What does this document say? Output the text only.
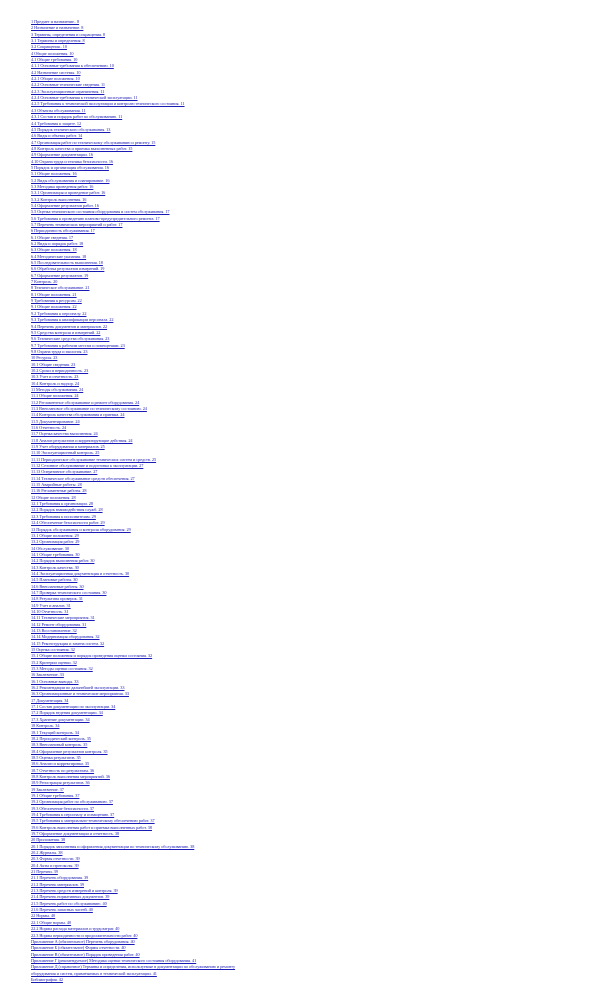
1 Предмет и назначение.. 8
2 Назначение и назначение. 8
3 Термины, определения и сокращения. 8
3.1 Термины и определения. 8
3.2 Сокращения.. 10
4 Общие положения. 10
4.1 Общие требования. 10
4.1.1 Основные требования к обеспечению. 10
4.2 Назначение системы. 10
4.2.1 Общие положения. 10
4.2.2 Основные технические сведения. 11
4.2.3 Эксплуатационные ограничения. 11
4.2.4 Основные требования к технической эксплуатации. 11
4.2.5 Требования к технической эксплуатации и контролю технического состояния. 11
4.3 Объекты обслуживания. 11
4.3.1 Состав и порядок работ по обслуживанию. 11
4.4 Требования к защите. 12
4.5 Порядок технического обслуживания. 13
4.6 Виды и объемы работ. 14
4.7 Организация работ по техническому обслуживанию и ремонту. 15
4.8 Контроль качества и приемка выполненных работ. 15
4.9 Оформление документации. 16
4.10 Охрана труда и техника безопасности. 16
5 Порядок и организация обслуживания. 16
5.1 Общие положения. 16
5.2 Виды обслуживания и планирование. 16
5.3 Методика проведения работ. 16
5.3.1 Организация и проведение работ. 16
5.3.2 Контроль выполнения. 16
5.4 Оформление результатов работ. 16
5.5 Оценка технического состояния оборудования и систем обслуживания. 17
5.6 Требования к проведению планово-предупредительного ремонта. 17
5.7 Перечень технических мероприятий и работ. 17
6 Периодичность обслуживания. 17
6.1 Общие сведения. 17
6.2 Виды и порядок работ. 18
6.3 Общие положения. 18
6.4 Методические указания. 18
6.5 Последовательность выполнения. 18
6.6 Обработка результатов измерений. 19
6.7 Оформление результатов. 19
7 Контроль. 20
8 Техническое обслуживание. 21
8.1 Общие положения. 21
9 Требования к ресурсам. 22
9.1 Общие положения. 22
9.2 Требования к персоналу. 22
9.3 Требования к квалификации персонала. 22
9.4 Перечень документов и материалов. 22
9.5 Средства контроля и измерений. 22
9.6 Технические средства обслуживания. 23
9.7 Требования к рабочим местам и помещениям. 23
9.8 Охрана труда и экология. 23
10 Ресурсы. 23
10.1 Общие сведения. 23
10.2 Сроки и периодичность. 23
10.3 Учет и отчетность. 23
10.4 Контроль и надзор. 24
11 Методы обслуживания. 24
11.1 Общие положения. 24
11.2 Регламентное обслуживание и ремонт оборудования. 24
11.3 Внеплановое обслуживание по техническому состоянию. 24
11.4 Контроль качества обслуживания и приемка. 24
11.5 Документирование. 24
11.6 Отчетность. 24
11.7 Оценка качества выполнения. 24
11.8 Анализ результатов и корректирующие действия. 24
11.9 Учет оборудования и материалов. 25
11.10 Эксплуатационный контроль. 25
11.11 Периодическое обслуживание технических систем и средств. 25
11.12 Сезонное обслуживание и подготовка к эксплуатации. 27
11.13 Оперативное обслуживание. 27
11.14 Техническое обслуживание средств обеспечения. 27
11.15 Аварийные работы. 28
11.16 Регламентные работы. 28
12 Общие положения. 28
12.1 Требования к организации. 28
12.2 Порядок взаимодействия служб. 28
12.3 Требования к исполнителям. 29
12.4 Обеспечение безопасности работ. 29
13 Порядок обслуживания и контроля оборудования. 29
13.1 Общие положения. 29
13.2 Организация работ. 29
14 Обслуживание. 30
14.1 Общие требования. 30
14.2 Порядок выполнения работ. 30
14.3 Контроль качества. 30
14.4 Эксплуатационная документация и отчетность. 30
14.5 Плановые работы. 30
14.6 Внеплановые работы. 30
14.7 Проверка технического состояния. 30
14.8 Результаты проверок. 31
14.9 Учет и анализ. 31
14.10 Отчетность. 31
14.11 Технические мероприятия. 31
14.12 Ремонт оборудования. 31
14.13 Восстановление. 32
14.14 Модернизация оборудования. 32
14.15 Реконструкция и замена систем. 32
15 Оценка состояния. 32
15.1 Общие положения и порядок проведения оценки состояния. 32
15.2 Критерии оценки. 32
15.3 Методы оценки состояния. 32
16 Заключение. 33
16.1 Основные выводы. 33
16.2 Рекомендации по дальнейшей эксплуатации. 33
16.3 Организационные и технические мероприятия. 33
17 Документация. 34
17.1 Состав документации по эксплуатации. 34
17.2 Порядок ведения документации. 34
17.3 Хранение документации. 34
18 Контроль. 34
18.1 Текущий контроль. 34
18.2 Периодический контроль. 35
18.3 Внеплановый контроль. 35
18.4 Оформление результатов контроля. 35
18.5 Оценка результатов. 35
18.6 Анализ и корректировка. 35
18.7 Отчетность по результатам. 36
18.8 Контроль выполнения мероприятий. 36
18.9 Регистрация результатов. 36
19 Заключение. 37
19.1 Общие требования. 37
19.2 Организация работ по обслуживанию. 37
19.3 Обеспечение безопасности. 37
19.4 Требования к персоналу и оснащению. 37
19.5 Требования к материально-техническому обеспечению работ. 37
19.6 Контроль выполнения работ и приемка выполненных работ. 38
19.7 Оформление документации и отчетность. 38
20 Приложения. 38
20.1 Порядок заполнения и оформления документации по техническому обслуживанию. 38
20.2 Журналы. 38
20.3 Формы отчетности. 39
20.4 Акты и протоколы. 39
21 Перечни. 39
21.1 Перечень оборудования. 39
21.2 Перечень материалов. 39
21.3 Перечень средств измерений и контроля. 39
21.4 Перечень нормативных документов. 39
21.5 Перечень работ по обслуживанию. 40
21.6 Перечень запасных частей. 40
22 Нормы. 40
22.1 Общие нормы. 40
22.2 Нормы расхода материалов и трудозатрат. 40
22.3 Нормы периодичности и продолжительности работ. 40
Приложение А (обязательное) Перечень оборудования. 40
Приложение Б (обязательное) Формы отчетности. 40
Приложение В (обязательное) Порядок проведения работ. 40
Приложение Г (рекомендуемое) Методика оценки технического состояния оборудования. 41
Приложение Д (справочное) Термины и определения, используемые в документации по обслуживанию и ремонту
оборудования и систем, применяемых в технической эксплуатации. 41
Библиография. 42
